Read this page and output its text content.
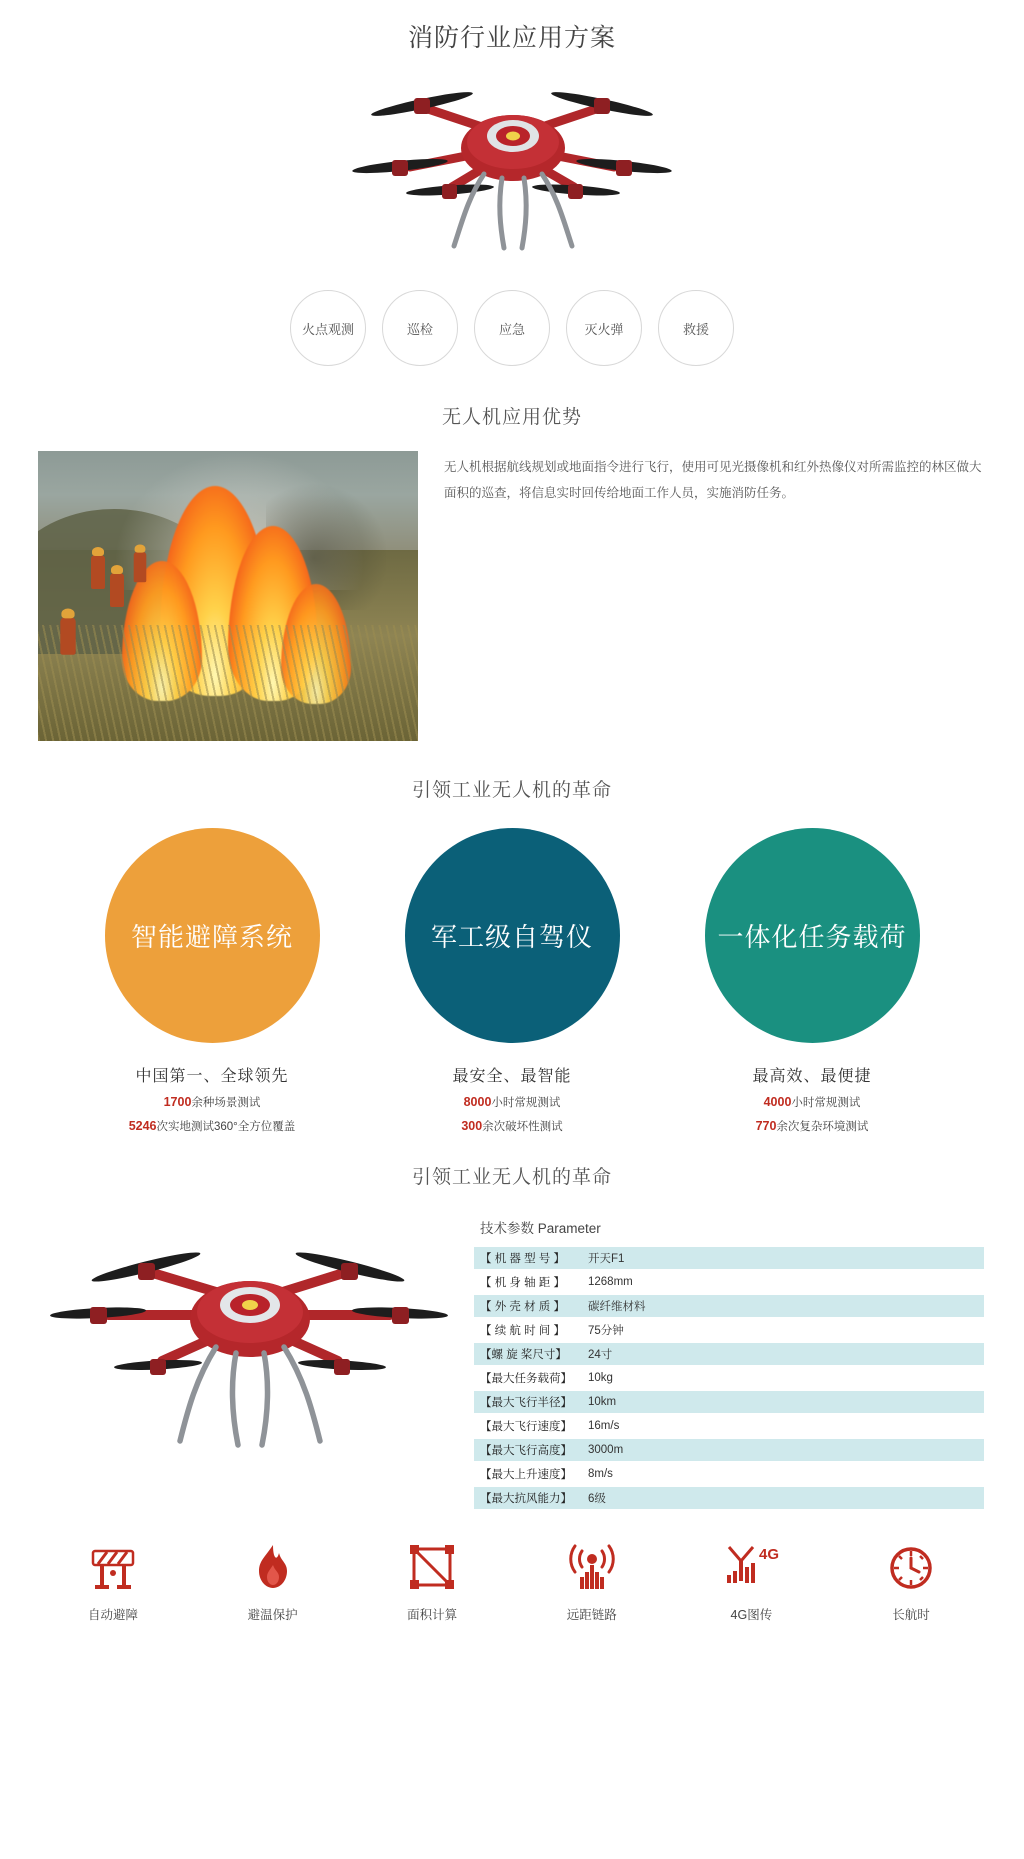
消防行业应用方案
火点观测	巡检	应急	灭火弹	救援
无人机应用优势
无人机根据航线规划或地面指令进行飞行，使用可见光摄像机和红外热像仪对所需监控的林区做大面积的巡查，将信息实时回传给地面工作人员，实施消防任务。
引领工业无人机的革命
智能避障系统
中国第一、全球领先
1700余种场景测试
5246次实地测试360°全方位覆盖
军工级自驾仪
最安全、最智能
8000小时常规测试
300余次破坏性测试
一体化任务载荷
最高效、最便捷
4000小时常规测试
770余次复杂环境测试
引领工业无人机的革命
技术参数 Parameter
【 机 器 型 号 】	开天F1
【 机 身 轴 距 】	1268mm
【 外 壳 材 质 】	碳纤维材料
【 续 航 时 间 】	75分钟
【螺 旋 桨尺寸】	24寸
【最大任务载荷】	10kg
【最大飞行半径】	10km
【最大飞行速度】	16m/s
【最大飞行高度】	3000m
【最大上升速度】	8m/s
【最大抗风能力】	6级
自动避障	避温保护	面积计算	远距链路
4G
4G图传	长航时
